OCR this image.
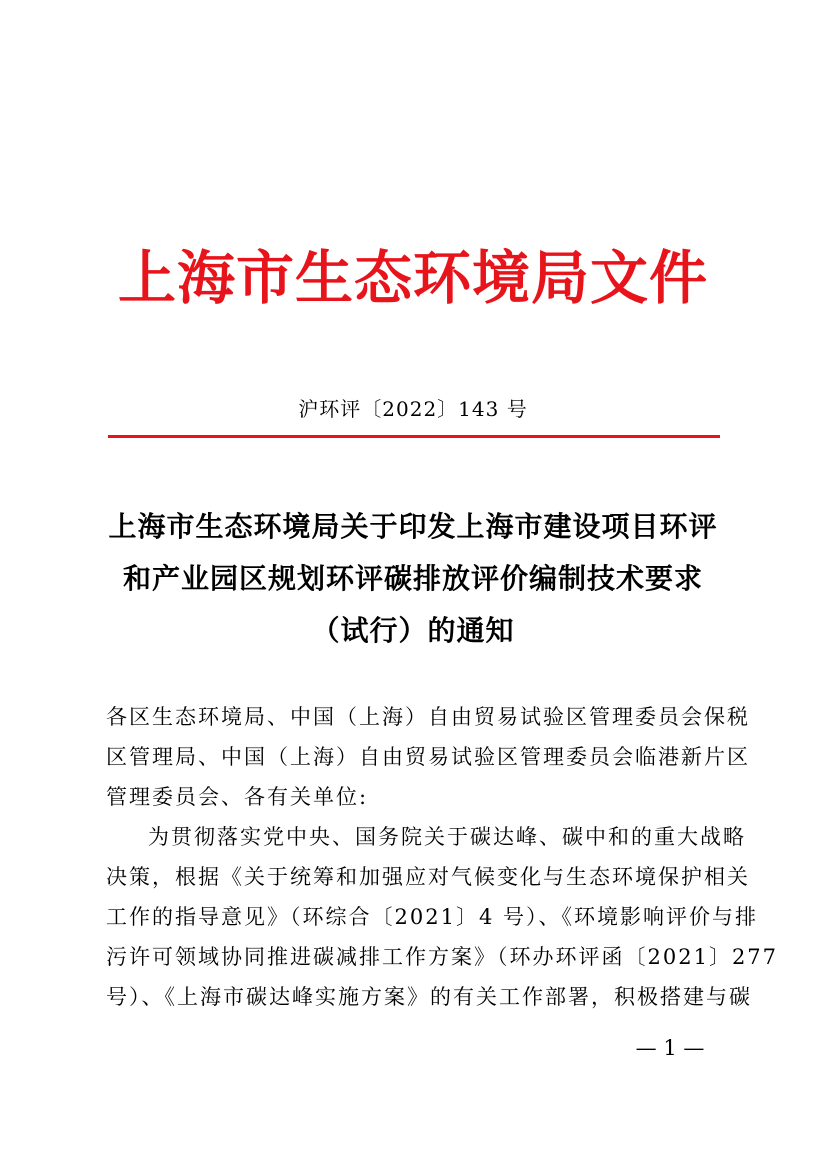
上海市生态环境局文件
沪环评〔2022〕143 号
上海市生态环境局关于印发上海市建设项目环评
和产业园区规划环评碳排放评价编制技术要求
（试行）的通知
各区生态环境局、中国（上海）自由贸易试验区管理委员会保税
区管理局、中国（上海）自由贸易试验区管理委员会临港新片区
管理委员会、各有关单位:
为贯彻落实党中央、国务院关于碳达峰、碳中和的重大战略
决策，根据《关于统筹和加强应对气候变化与生态环境保护相关
工作的指导意见》（环综合〔2021〕4 号）、《环境影响评价与排
污许可领域协同推进碳减排工作方案》（环办环评函〔2021〕277
号）、《上海市碳达峰实施方案》的有关工作部署，积极搭建与碳
— 1 —
